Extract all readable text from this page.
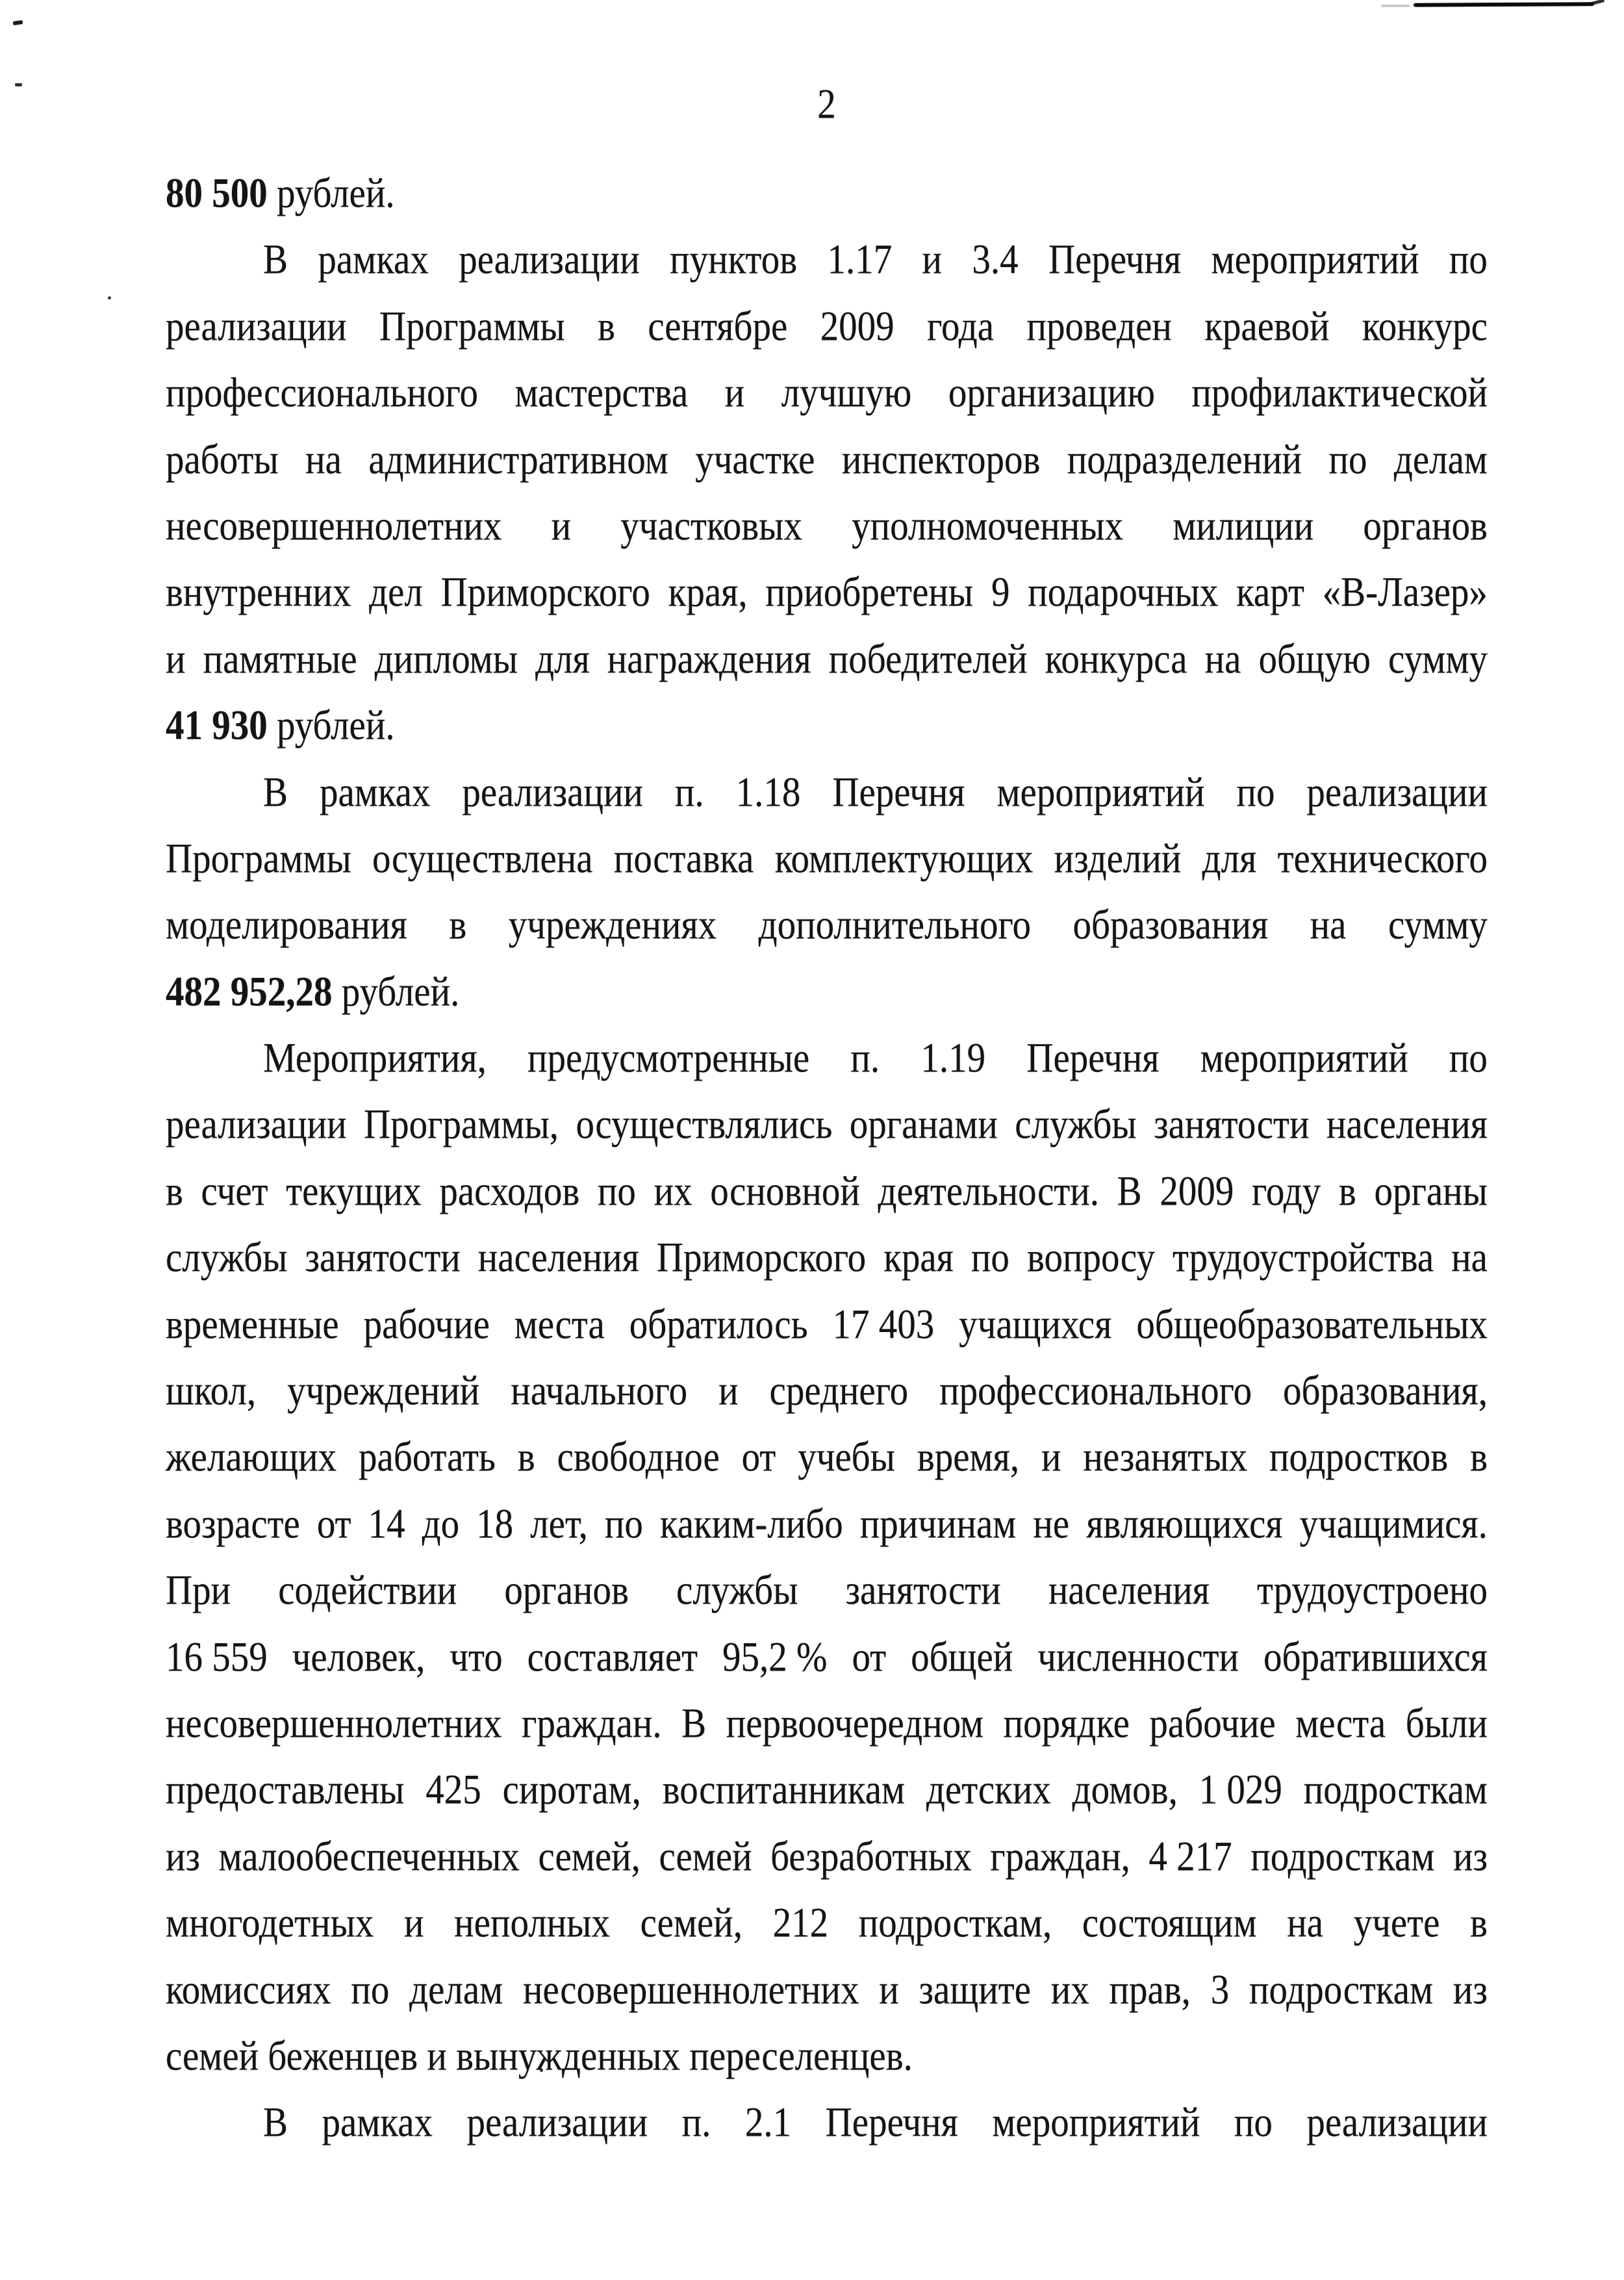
2
80 500 рублей.
В рамках реализации пунктов 1.17 и 3.4 Перечня мероприятий по
реализации Программы в сентябре 2009 года проведен краевой конкурс
профессионального мастерства и лучшую организацию профилактической
работы на административном участке инспекторов подразделений по делам
несовершеннолетних и участковых уполномоченных милиции органов
внутренних дел Приморского края, приобретены 9 подарочных карт «В-Лазер»
и памятные дипломы для награждения победителей конкурса на общую сумму
41 930 рублей.
В рамках реализации п. 1.18 Перечня мероприятий по реализации
Программы осуществлена поставка комплектующих изделий для технического
моделирования в учреждениях дополнительного образования на сумму
482 952,28 рублей.
Мероприятия, предусмотренные п. 1.19 Перечня мероприятий по
реализации Программы, осуществлялись органами службы занятости населения
в счет текущих расходов по их основной деятельности. В 2009 году в органы
службы занятости населения Приморского края по вопросу трудоустройства на
временные рабочие места обратилось 17 403 учащихся общеобразовательных
школ, учреждений начального и среднего профессионального образования,
желающих работать в свободное от учебы время, и незанятых подростков в
возрасте от 14 до 18 лет, по каким-либо причинам не являющихся учащимися.
При содействии органов службы занятости населения трудоустроено
16 559 человек, что составляет 95,2 % от общей численности обратившихся
несовершеннолетних граждан. В первоочередном порядке рабочие места были
предоставлены 425 сиротам, воспитанникам детских домов, 1 029 подросткам
из малообеспеченных семей, семей безработных граждан, 4 217 подросткам из
многодетных и неполных семей, 212 подросткам, состоящим на учете в
комиссиях по делам несовершеннолетних и защите их прав, 3 подросткам из
семей беженцев и вынужденных переселенцев.
В рамках реализации п. 2.1 Перечня мероприятий по реализации
